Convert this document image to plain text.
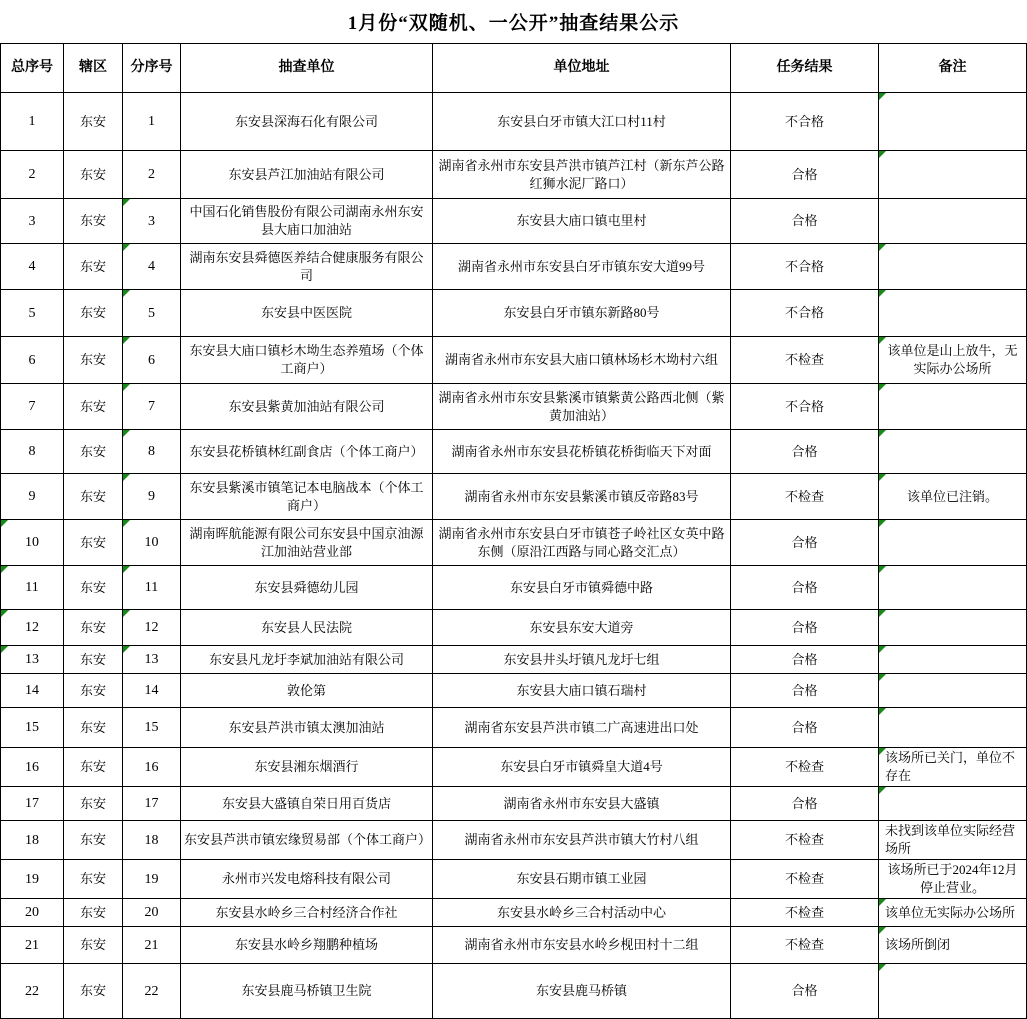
1月份“双随机、一公开”抽查结果公示
总序号	辖区	分序号	抽查单位	单位地址	任务结果	备注
1	东安	1	东安县深海石化有限公司	东安县白牙市镇大江口村11村	不合格	

2	东安	2	东安县芦江加油站有限公司	湖南省永州市东安县芦洪市镇芦江村（新东芦公路红狮水泥厂路口）	合格	

3	东安	3	中国石化销售股份有限公司湖南永州东安县大庙口加油站	东安县大庙口镇屯里村	合格	
4	东安	4	湖南东安县舜德医养结合健康服务有限公司	湖南省永州市东安县白牙市镇东安大道99号	不合格	

5	东安	5	东安县中医医院	东安县白牙市镇东新路80号	不合格	

6	东安	6	东安县大庙口镇杉木坳生态养殖场（个体工商户）	湖南省永州市东安县大庙口镇林场杉木坳村六组	不检查	该单位是山上放牛，无实际办公场所
7	东安	7	东安县紫黄加油站有限公司	湖南省永州市东安县紫溪市镇紫黄公路西北侧（紫黄加油站）	不合格	

8	东安	8	东安县花桥镇林红副食店（个体工商户）	湖南省永州市东安县花桥镇花桥街临天下对面	合格	

9	东安	9	东安县紫溪市镇笔记本电脑战本（个体工商户）	湖南省永州市东安县紫溪市镇反帝路83号	不检查	该单位已注销。

10	东安	10	湖南晖航能源有限公司东安县中国京油源江加油站营业部	湖南省永州市东安县白牙市镇苍子岭社区女英中路东侧（原沿江西路与同心路交汇点）	合格	

11	东安	11	东安县舜德幼儿园	东安县白牙市镇舜德中路	合格	

12	东安	12	东安县人民法院	东安县东安大道旁	合格	

13	东安	13	东安县凡龙圩李斌加油站有限公司	东安县井头圩镇凡龙圩七组	合格	

14	东安	14	敦伦第	东安县大庙口镇石瑞村	合格	

15	东安	15	东安县芦洪市镇太澳加油站	湖南省东安县芦洪市镇二广高速进出口处	合格	

16	东安	16	东安县湘东烟酒行	东安县白牙市镇舜皇大道4号	不检查	该场所已关门，单位不存在
17	东安	17	东安县大盛镇自荣日用百货店	湖南省永州市东安县大盛镇	合格	

18	东安	18	东安县芦洪市镇宏缘贸易部（个体工商户）	湖南省永州市东安县芦洪市镇大竹村八组	不检查	未找到该单位实际经营场所
19	东安	19	永州市兴发电熔科技有限公司	东安县石期市镇工业园	不检查	该场所已于2024年12月停止营业。
20	东安	20	东安县水岭乡三合村经济合作社	东安县水岭乡三合村活动中心	不检查	该单位无实际办公场所
21	东安	21	东安县水岭乡翔鹏种植场	湖南省永州市东安县水岭乡枧田村十二组	不检查	该场所倒闭
22	东安	22	东安县鹿马桥镇卫生院	东安县鹿马桥镇	合格	
